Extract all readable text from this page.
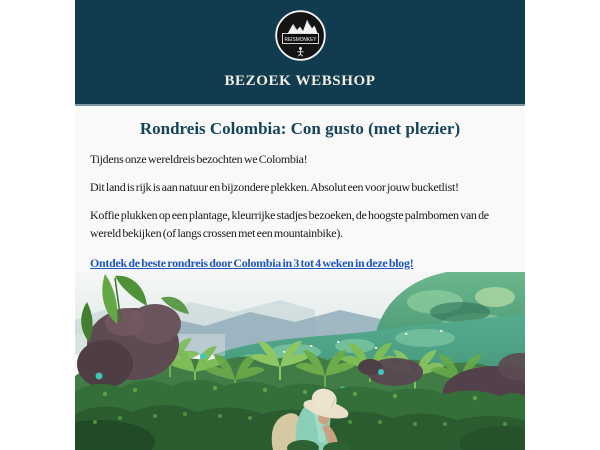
REISMONKEY
BEZOEK WEBSHOP
Rondreis Colombia: Con gusto (met plezier)

Tijdens onze wereldreis bezochten we Colombia!

Dit land is rijk is aan natuur en bijzondere plekken. Absolut een voor jouw bucketlist!

Koffie plukken op een plantage, kleurrijke stadjes bezoeken, de hoogste palmbomen van de wereld bekijken (of langs crossen met een mountainbike).

Ontdek de beste rondreis door Colombia in 3 tot 4 weken in deze blog!
